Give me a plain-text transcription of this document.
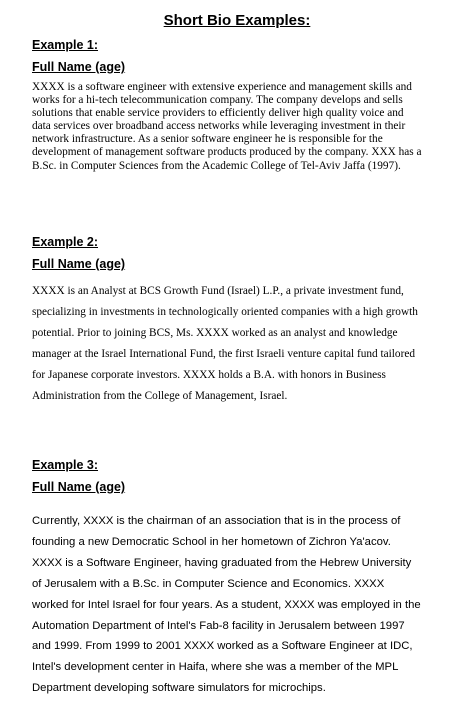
Short Bio Examples:
Example 1:
Full Name (age)

XXXX is a software engineer with extensive experience and management skills and
works for a hi-tech telecommunication company. The company develops and sells
solutions that enable service providers to efficiently deliver high quality voice and
data services over broadband access networks while leveraging investment in their
network infrastructure. As a senior software engineer he is responsible for the
development of management software products produced by the company. XXX has a
B.Sc. in Computer Sciences from the Academic College of Tel-Aviv Jaffa (1997).

Example 2:
Full Name (age)

XXXX is an Analyst at BCS Growth Fund (Israel) L.P., a private investment fund,
specializing in investments in technologically oriented companies with a high growth
potential. Prior to joining BCS, Ms. XXXX worked as an analyst and knowledge
manager at the Israel International Fund, the first Israeli venture capital fund tailored
for Japanese corporate investors. XXXX holds a B.A. with honors in Business
Administration from the College of Management, Israel.

Example 3:
Full Name (age)

Currently, XXXX is the chairman of an association that is in the process of
founding a new Democratic School in her hometown of Zichron Ya'acov.
XXXX is a Software Engineer, having graduated from the Hebrew University
of Jerusalem with a B.Sc. in Computer Science and Economics. XXXX
worked for Intel Israel for four years. As a student, XXXX was employed in the
Automation Department of Intel's Fab-8 facility in Jerusalem between 1997
and 1999. From 1999 to 2001 XXXX worked as a Software Engineer at IDC,
Intel's development center in Haifa, where she was a member of the MPL
Department developing software simulators for microchips.
